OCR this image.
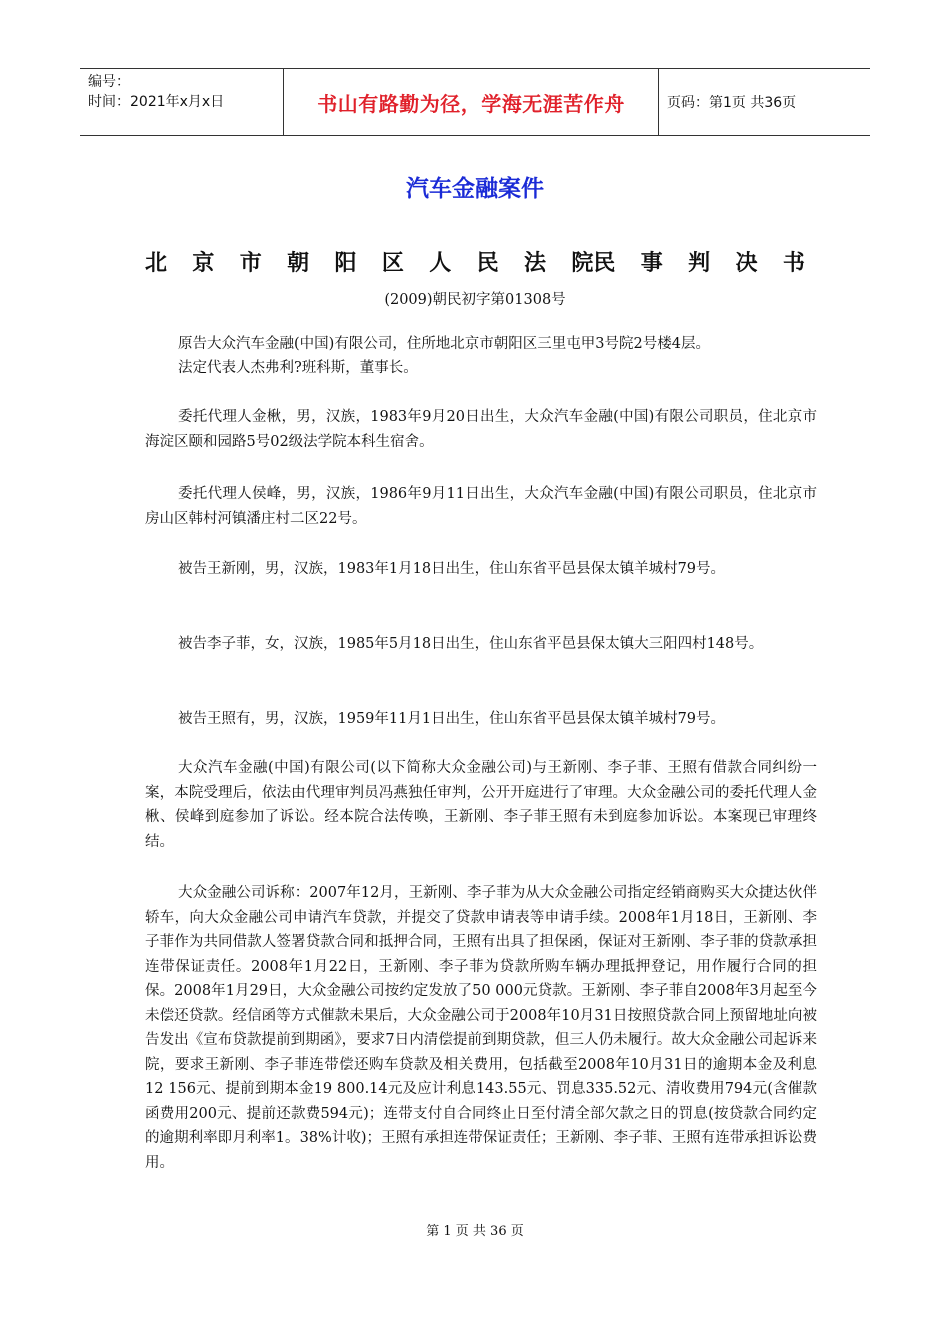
编号：
时间：2021年x月x日	书山有路勤为径，学海无涯苦作舟	页码：第1页 共36页
汽车金融案件
北 京 市 朝 阳 区 人 民 法 院民 事 判 决 书
(2009)朝民初字第01308号

原告大众汽车金融(中国)有限公司，住所地北京市朝阳区三里屯甲3号院2号楼4层。

法定代表人杰弗利?班科斯，董事长。

委托代理人金楸，男，汉族，1983年9月20日出生，大众汽车金融(中国)有限公司职员，住北京市海淀区颐和园路5号02级法学院本科生宿舍。

委托代理人侯峰，男，汉族，1986年9月11日出生，大众汽车金融(中国)有限公司职员，住北京市房山区韩村河镇潘庄村二区22号。

被告王新刚，男，汉族，1983年1月18日出生，住山东省平邑县保太镇羊城村79号。

被告李子菲，女，汉族，1985年5月18日出生，住山东省平邑县保太镇大三阳四村148号。

被告王照有，男，汉族，1959年11月1日出生，住山东省平邑县保太镇羊城村79号。

大众汽车金融(中国)有限公司(以下简称大众金融公司)与王新刚、李子菲、王照有借款合同纠纷一案，本院受理后，依法由代理审判员冯燕独任审判，公开开庭进行了审理。大众金融公司的委托代理人金楸、侯峰到庭参加了诉讼。经本院合法传唤，王新刚、李子菲王照有未到庭参加诉讼。本案现已审理终结。

大众金融公司诉称：2007年12月，王新刚、李子菲为从大众金融公司指定经销商购买大众捷达伙伴轿车，向大众金融公司申请汽车贷款，并提交了贷款申请表等申请手续。2008年1月18日，王新刚、李子菲作为共同借款人签署贷款合同和抵押合同，王照有出具了担保函，保证对王新刚、李子菲的贷款承担连带保证责任。2008年1月22日，王新刚、李子菲为贷款所购车辆办理抵押登记，用作履行合同的担保。2008年1月29日，大众金融公司按约定发放了50 000元贷款。王新刚、李子菲自2008年3月起至今未偿还贷款。经信函等方式催款未果后，大众金融公司于2008年10月31日按照贷款合同上预留地址向被告发出《宣布贷款提前到期函》，要求7日内清偿提前到期贷款，但三人仍未履行。故大众金融公司起诉来院，要求王新刚、李子菲连带偿还购车贷款及相关费用，包括截至2008年10月31日的逾期本金及利息12 156元、提前到期本金19 800.14元及应计利息143.55元、罚息335.52元、清收费用794元(含催款函费用200元、提前还款费594元)；连带支付自合同终止日至付清全部欠款之日的罚息(按贷款合同约定的逾期利率即月利率1。38%计收)；王照有承担连带保证责任；王新刚、李子菲、王照有连带承担诉讼费用。

第 1 页 共 36 页
